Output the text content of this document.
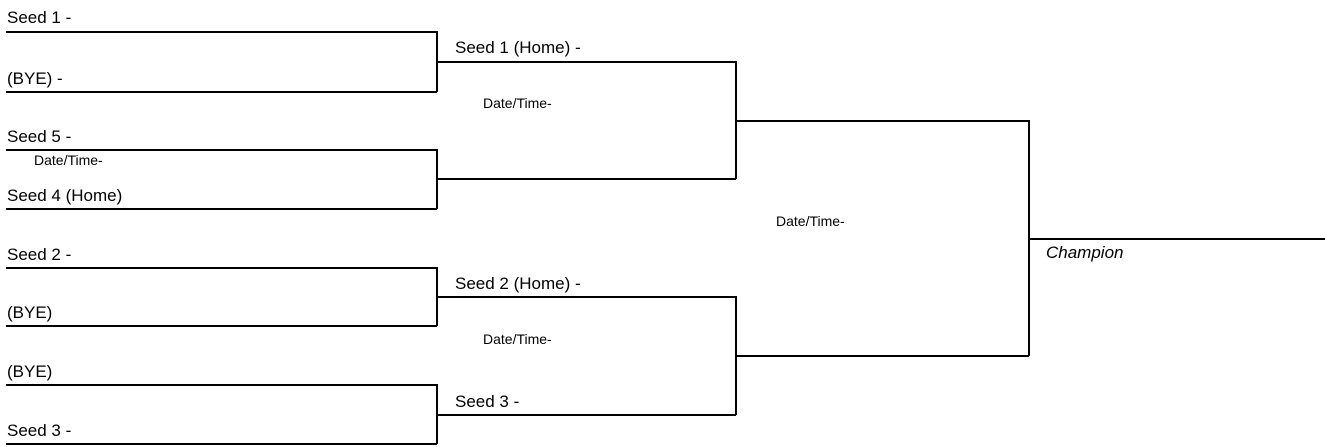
Seed 1 -
(BYE) -
Seed 5 -
Date/Time-
Seed 4 (Home)
Seed 2 -
(BYE)
(BYE)
Seed 3 -
Seed 1 (Home) -
Date/Time-
Seed 2 (Home) -
Date/Time-
Seed 3 -
Date/Time-
Champion
